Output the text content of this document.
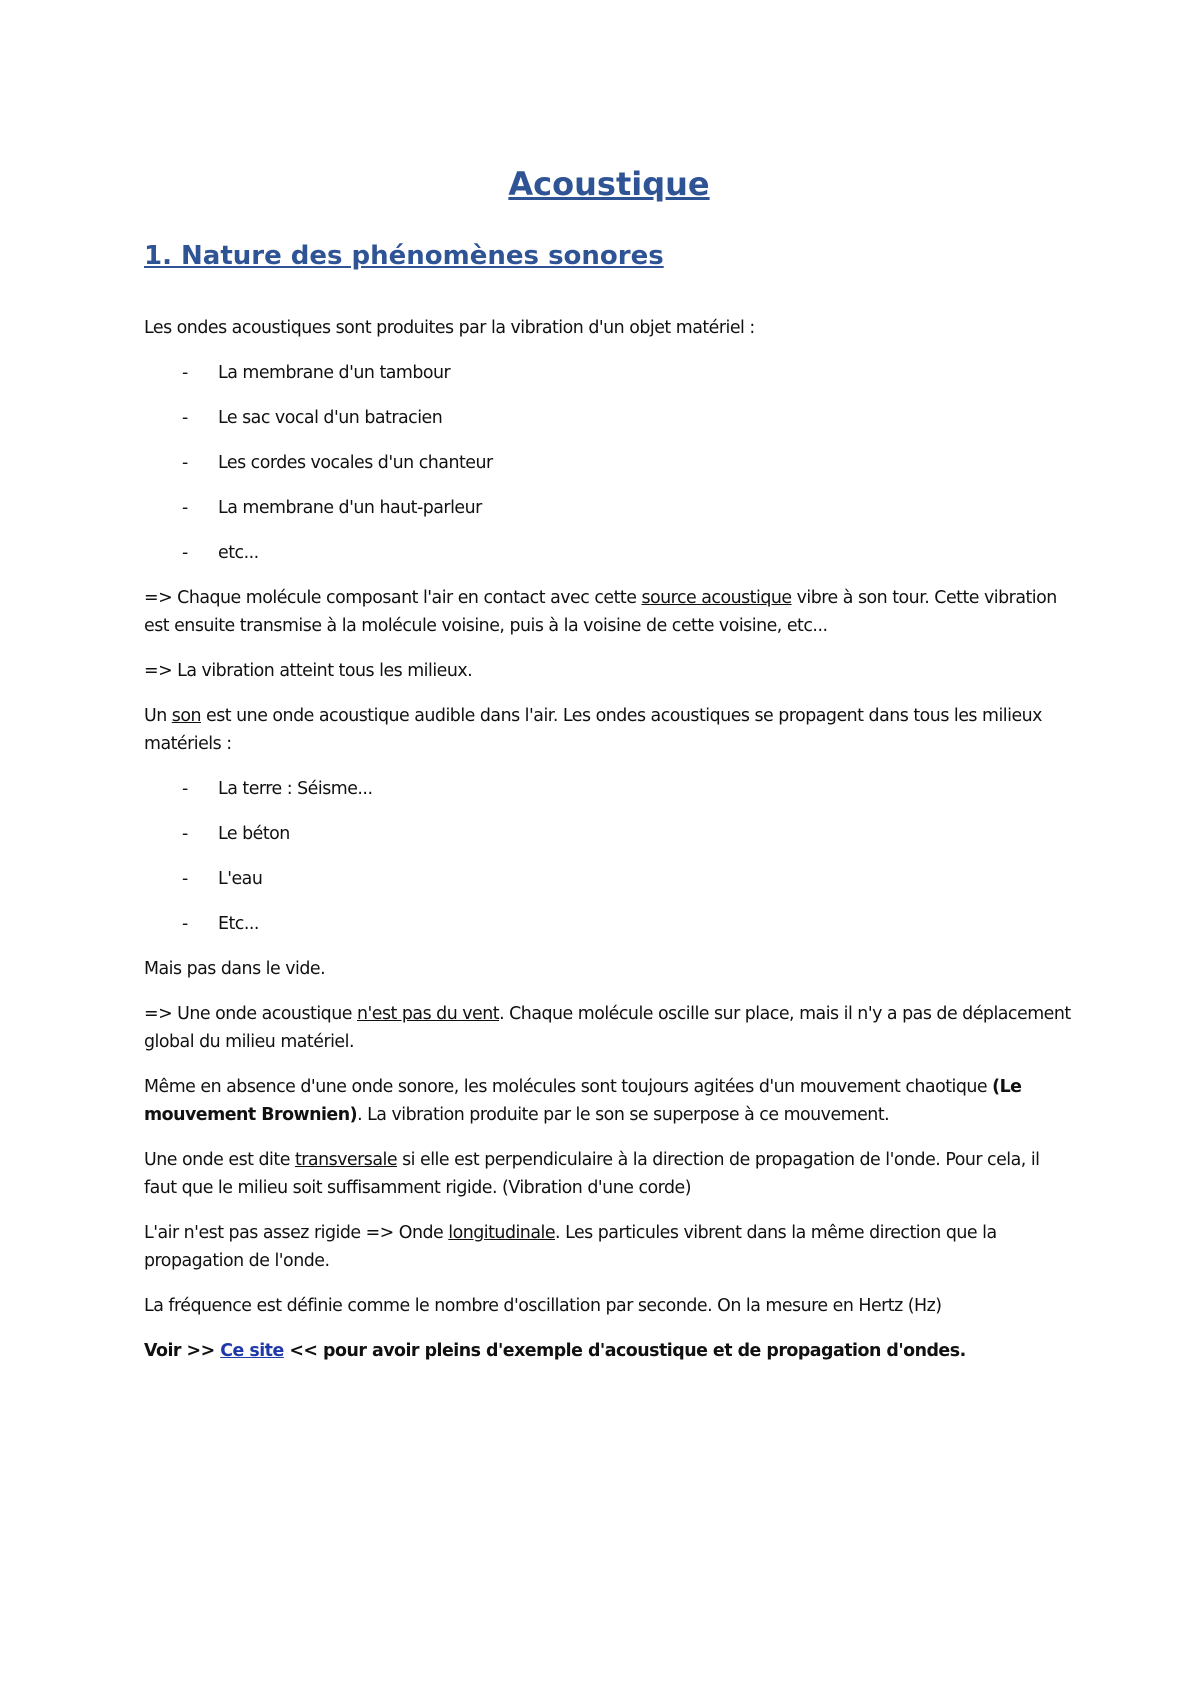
Acoustique
1. Nature des phénomènes sonores

Les ondes acoustiques sont produites par la vibration d'un objet matériel :

- La membrane d'un tambour
- Le sac vocal d'un batracien
- Les cordes vocales d'un chanteur
- La membrane d'un haut-parleur
- etc...

=> Chaque molécule composant l'air en contact avec cette source acoustique vibre à son tour. Cette vibration est ensuite transmise à la molécule voisine, puis à la voisine de cette voisine, etc...

=> La vibration atteint tous les milieux.

Un son est une onde acoustique audible dans l'air. Les ondes acoustiques se propagent dans tous les milieux matériels :

- La terre : Séisme...
- Le béton
- L'eau
- Etc...

Mais pas dans le vide.

=> Une onde acoustique n'est pas du vent. Chaque molécule oscille sur place, mais il n'y a pas de déplacement global du milieu matériel.

Même en absence d'une onde sonore, les molécules sont toujours agitées d'un mouvement chaotique (Le mouvement Brownien). La vibration produite par le son se superpose à ce mouvement.

Une onde est dite transversale si elle est perpendiculaire à la direction de propagation de l'onde. Pour cela, il faut que le milieu soit suffisamment rigide. (Vibration d'une corde)

L'air n'est pas assez rigide => Onde longitudinale. Les particules vibrent dans la même direction que la propagation de l'onde.

La fréquence est définie comme le nombre d'oscillation par seconde. On la mesure en Hertz (Hz)

Voir >> Ce site << pour avoir pleins d'exemple d'acoustique et de propagation d'ondes.
